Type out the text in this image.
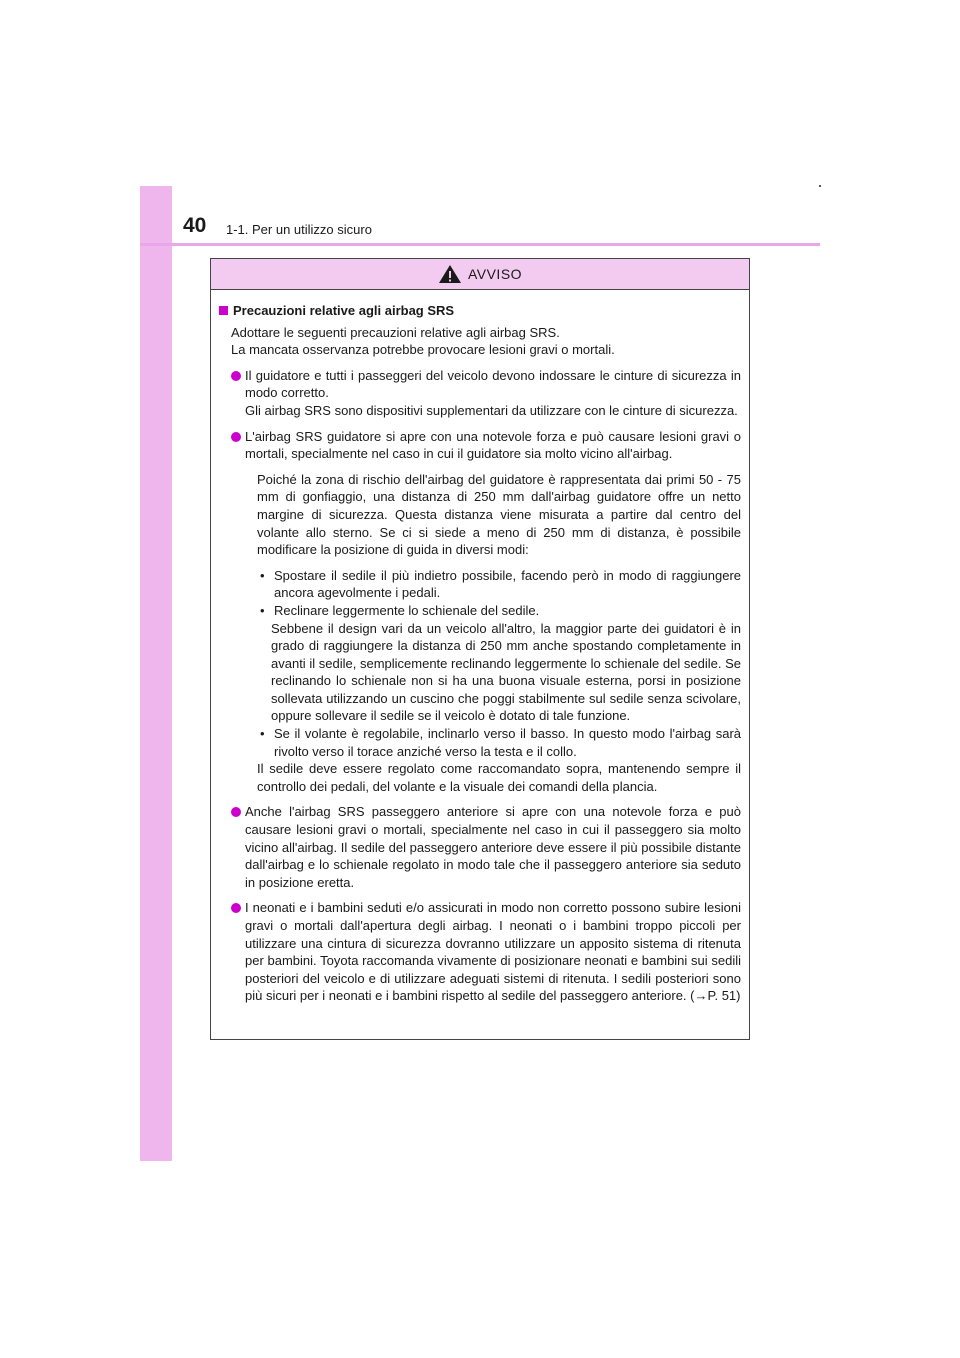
40 1-1. Per un utilizzo sicuro
AVVISO
Precauzioni relative agli airbag SRS

Adottare le seguenti precauzioni relative agli airbag SRS.

La mancata osservanza potrebbe provocare lesioni gravi o mortali.

Il guidatore e tutti i passeggeri del veicolo devono indossare le cinture di sicurezza in modo corretto.

Gli airbag SRS sono dispositivi supplementari da utilizzare con le cinture di sicurezza.

L'airbag SRS guidatore si apre con una notevole forza e può causare lesioni gravi o mortali, specialmente nel caso in cui il guidatore sia molto vicino all'airbag.

Poiché la zona di rischio dell'airbag del guidatore è rappresentata dai primi 50 - 75 mm di gonfiaggio, una distanza di 250 mm dall'airbag guidatore offre un netto margine di sicurezza. Questa distanza viene misurata a partire dal centro del volante allo sterno. Se ci si siede a meno di 250 mm di distanza, è possibile modificare la posizione di guida in diversi modi:

• Spostare il sedile il più indietro possibile, facendo però in modo di raggiungere ancora agevolmente i pedali.
• Reclinare leggermente lo schienale del sedile.

Sebbene il design vari da un veicolo all'altro, la maggior parte dei guidatori è in grado di raggiungere la distanza di 250 mm anche spostando completamente in avanti il sedile, semplicemente reclinando leggermente lo schienale del sedile. Se reclinando lo schienale non si ha una buona visuale esterna, porsi in posizione sollevata utilizzando un cuscino che poggi stabilmente sul sedile senza scivolare, oppure sollevare il sedile se il veicolo è dotato di tale funzione.

• Se il volante è regolabile, inclinarlo verso il basso. In questo modo l'airbag sarà rivolto verso il torace anziché verso la testa e il collo.

Il sedile deve essere regolato come raccomandato sopra, mantenendo sempre il controllo dei pedali, del volante e la visuale dei comandi della plancia.

Anche l'airbag SRS passeggero anteriore si apre con una notevole forza e può causare lesioni gravi o mortali, specialmente nel caso in cui il passeggero sia molto vicino all'airbag. Il sedile del passeggero anteriore deve essere il più possibile distante dall'airbag e lo schienale regolato in modo tale che il passeggero anteriore sia seduto in posizione eretta.

I neonati e i bambini seduti e/o assicurati in modo non corretto possono subire lesioni gravi o mortali dall'apertura degli airbag. I neonati o i bambini troppo piccoli per utilizzare una cintura di sicurezza dovranno utilizzare un apposito sistema di ritenuta per bambini. Toyota raccomanda vivamente di posizionare neonati e bambini sui sedili posteriori del veicolo e di utilizzare adeguati sistemi di ritenuta. I sedili posteriori sono più sicuri per i neonati e i bambini rispetto al sedile del passeggero anteriore. (→P. 51)
